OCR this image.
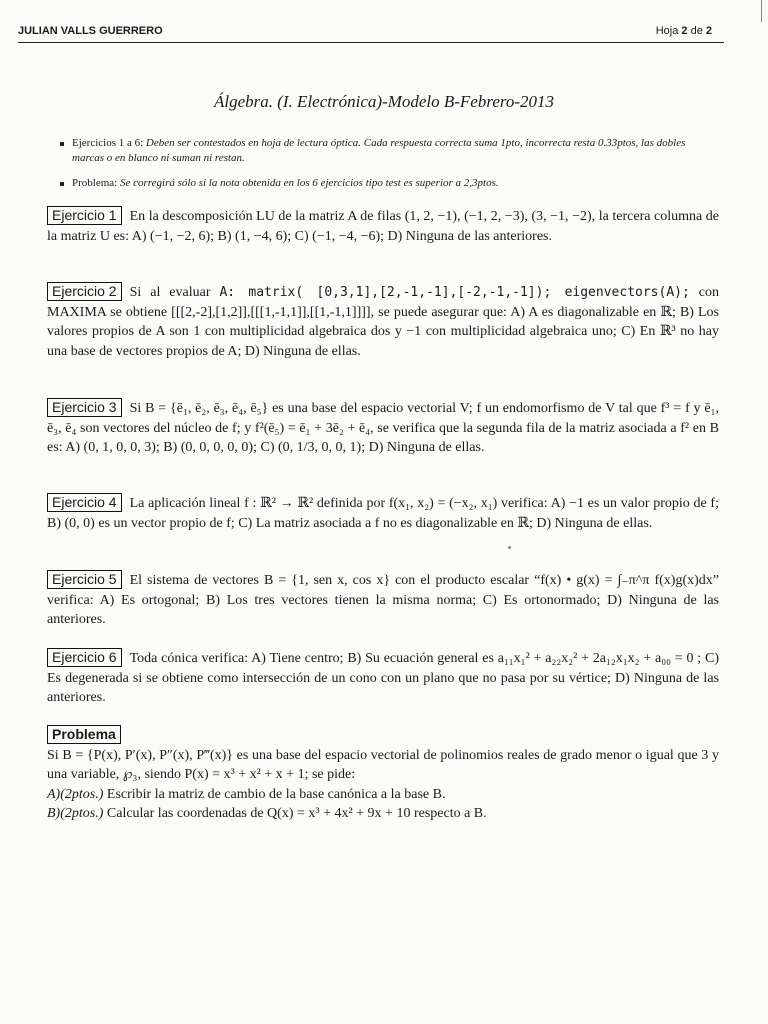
JULIAN VALLS GUERRERO	Hoja 2 de 2
Álgebra. (I. Electrónica)-Modelo B-Febrero-2013
Ejercicios 1 a 6: Deben ser contestados en hoja de lectura óptica. Cada respuesta correcta suma 1pto, incorrecta resta 0.33ptos, las dobles marcas o en blanco ni suman ni restan.
Problema: Se corregirá sólo si la nota obtenida en los 6 ejercicios tipo test es superior a 2,3ptos.
Ejercicio 1 En la descomposición LU de la matriz A de filas (1, 2, −1), (−1, 2, −3), (3, −1, −2), la tercera columna de la matriz U es: A) (−1, −2, 6); B) (1, −4, 6); C) (−1, −4, −6); D) Ninguna de las anteriores.
Ejercicio 2 Si al evaluar A: matrix( [0,3,1],[2,-1,-1],[-2,-1,-1]); eigenvectors(A); con MAXIMA se obtiene [[[2,-2],[1,2]],[[[1,-1,1]],[[1,-1,1]]]], se puede asegurar que: A) A es diagonalizable en ℝ; B) Los valores propios de A son 1 con multiplicidad algebraica dos y −1 con multiplicidad algebraica uno; C) En ℝ³ no hay una base de vectores propios de A; D) Ninguna de ellas.
Ejercicio 3 Si B = {ē₁, ē₂, ē₃, ē₄, ē₅} es una base del espacio vectorial V; f un endomorfismo de V tal que f³ = f y ē₁, ē₃, ē₄ son vectores del núcleo de f; y f²(ē₅) = ē₁ + 3ē₂ + ē₄, se verifica que la segunda fila de la matriz asociada a f² en B es: A) (0, 1, 0, 0, 3); B) (0, 0, 0, 0, 0); C) (0, 1/3, 0, 0, 1); D) Ninguna de ellas.
Ejercicio 4 La aplicación lineal f : ℝ² → ℝ² definida por f(x₁, x₂) = (−x₂, x₁) verifica: A) −1 es un valor propio de f; B) (0, 0) es un vector propio de f; C) La matriz asociada a f no es diagonalizable en ℝ; D) Ninguna de ellas.
Ejercicio 5 El sistema de vectores B = {1, sen x, cos x} con el producto escalar “f(x) • g(x) = ∫₋π^π f(x)g(x)dx” verifica: A) Es ortogonal; B) Los tres vectores tienen la misma norma; C) Es ortonormado; D) Ninguna de las anteriores.
Ejercicio 6 Toda cónica verifica: A) Tiene centro; B) Su ecuación general es a₁₁x₁² + a₂₂x₂² + 2a₁₂x₁x₂ + a₀₀ = 0 ; C) Es degenerada si se obtiene como intersección de un cono con un plano que no pasa por su vértice; D) Ninguna de las anteriores.
Problema
Si B = {P(x), P′(x), P″(x), P‴(x)} es una base del espacio vectorial de polinomios reales de grado menor o igual que 3 y una variable, ℘₃, siendo P(x) = x³ + x² + x + 1; se pide:
A)(2ptos.) Escribir la matriz de cambio de la base canónica a la base B.
B)(2ptos.) Calcular las coordenadas de Q(x) = x³ + 4x² + 9x + 10 respecto a B.
